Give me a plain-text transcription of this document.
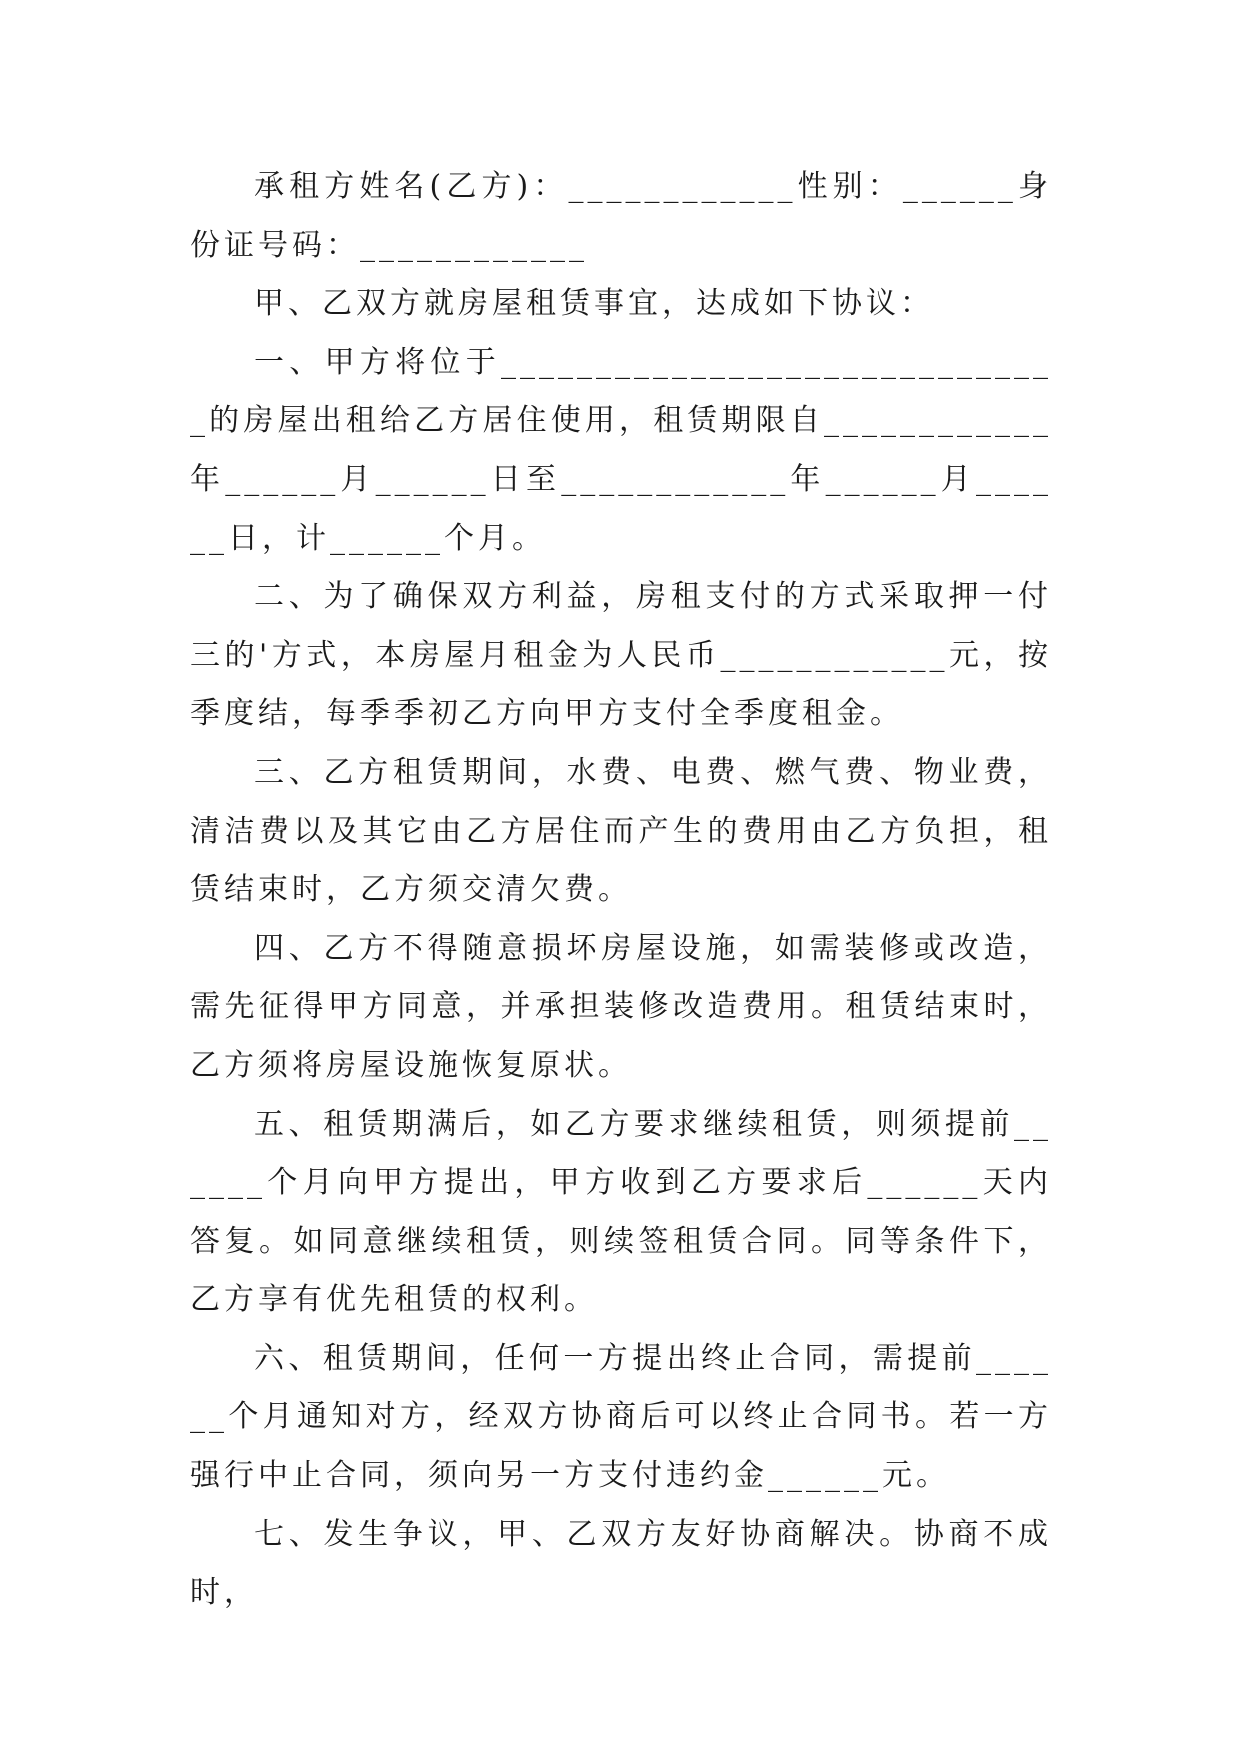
承租方姓名(乙方)：____________性别：______身份证号码：____________

甲、乙双方就房屋租赁事宜，达成如下协议：

一、甲方将位于______________________________的房屋出租给乙方居住使用，租赁期限自____________年______月______日至____________年______月______日，计______个月。

二、为了确保双方利益，房租支付的方式采取押一付三的'方式，本房屋月租金为人民币____________元，按季度结，每季季初乙方向甲方支付全季度租金。

三、乙方租赁期间，水费、电费、燃气费、物业费，清洁费以及其它由乙方居住而产生的费用由乙方负担，租赁结束时，乙方须交清欠费。

四、乙方不得随意损坏房屋设施，如需装修或改造，需先征得甲方同意，并承担装修改造费用。租赁结束时，乙方须将房屋设施恢复原状。

五、租赁期满后，如乙方要求继续租赁，则须提前______个月向甲方提出，甲方收到乙方要求后______天内答复。如同意继续租赁，则续签租赁合同。同等条件下，乙方享有优先租赁的权利。

六、租赁期间，任何一方提出终止合同，需提前______个月通知对方，经双方协商后可以终止合同书。若一方强行中止合同，须向另一方支付违约金______元。

七、发生争议，甲、乙双方友好协商解决。协商不成时，
